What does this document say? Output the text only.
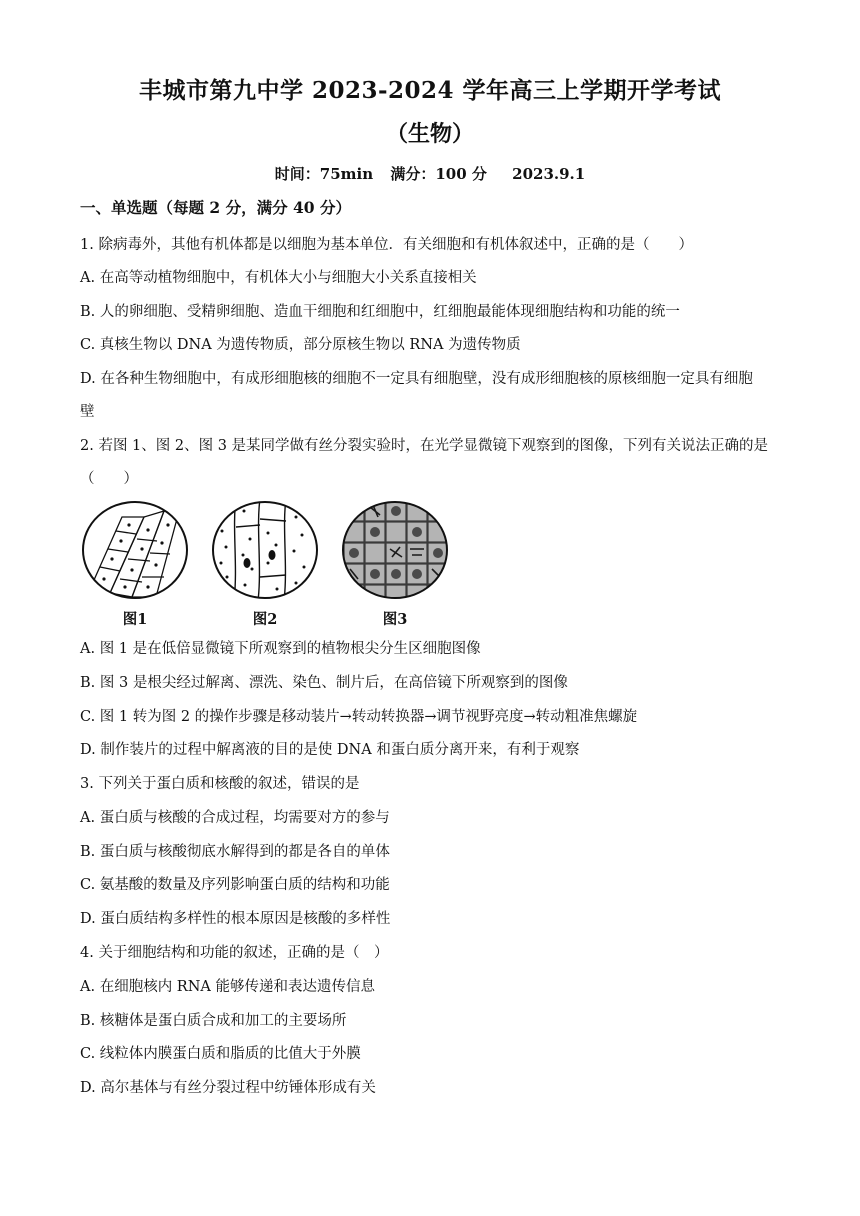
丰城市第九中学 2023-2024 学年高三上学期开学考试
（生物）
时间：75min 满分：100 分 2023.9.1
一、单选题（每题 2 分，满分 40 分）
1. 除病毒外，其他有机体都是以细胞为基本单位．有关细胞和有机体叙述中，正确的是（　　）
A. 在高等动植物细胞中，有机体大小与细胞大小关系直接相关
B. 人的卵细胞、受精卵细胞、造血干细胞和红细胞中，红细胞最能体现细胞结构和功能的统一
C. 真核生物以 DNA 为遗传物质，部分原核生物以 RNA 为遗传物质
D. 在各种生物细胞中，有成形细胞核的细胞不一定具有细胞壁，没有成形细胞核的原核细胞一定具有细胞
壁
2. 若图 1、图 2、图 3 是某同学做有丝分裂实验时，在光学显微镜下观察到的图像，下列有关说法正确的是
（　　）
图1	图2	图3
A. 图 1 是在低倍显微镜下所观察到的植物根尖分生区细胞图像
B. 图 3 是根尖经过解离、漂洗、染色、制片后，在高倍镜下所观察到的图像
C. 图 1 转为图 2 的操作步骤是移动装片→转动转换器→调节视野亮度→转动粗准焦螺旋
D. 制作装片的过程中解离液的目的是使 DNA 和蛋白质分离开来，有利于观察
3. 下列关于蛋白质和核酸的叙述，错误的是
A. 蛋白质与核酸的合成过程，均需要对方的参与
B. 蛋白质与核酸彻底水解得到的都是各自的单体
C. 氨基酸的数量及序列影响蛋白质的结构和功能
D. 蛋白质结构多样性的根本原因是核酸的多样性
4. 关于细胞结构和功能的叙述，正确的是（　）
A. 在细胞核内 RNA 能够传递和表达遗传信息
B. 核糖体是蛋白质合成和加工的主要场所
C. 线粒体内膜蛋白质和脂质的比值大于外膜
D. 高尔基体与有丝分裂过程中纺锤体形成有关
